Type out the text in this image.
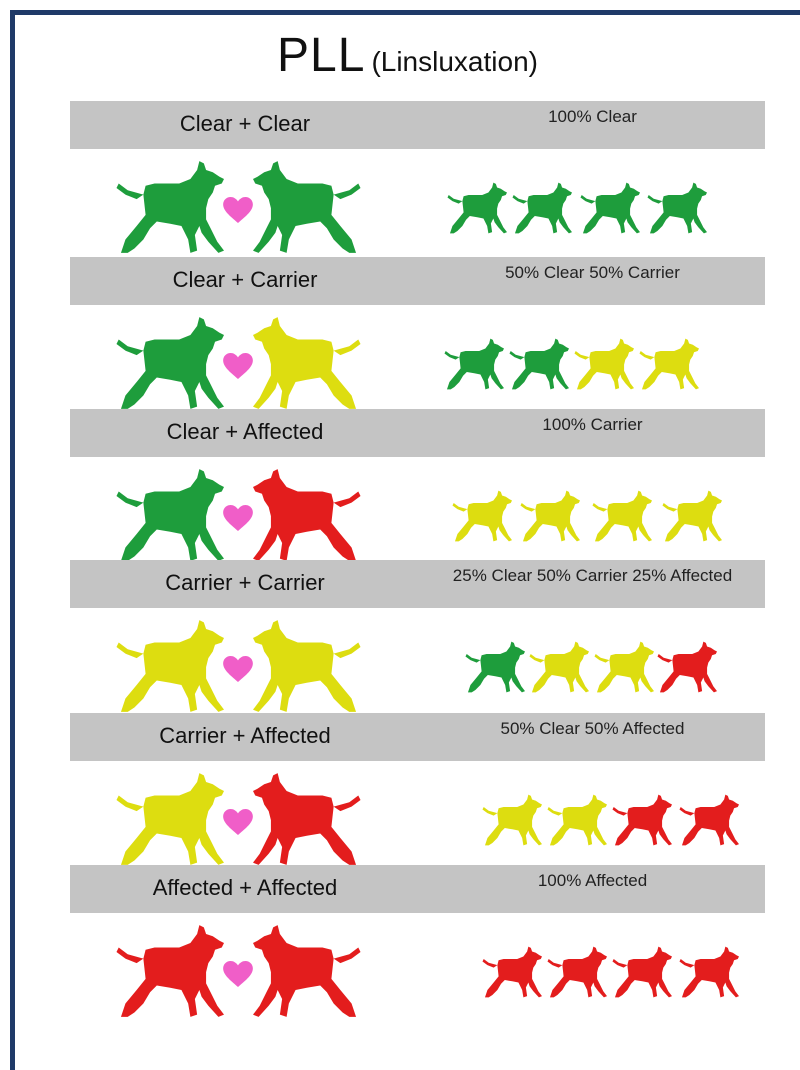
PLL (Linsluxation)
Clear + Clear	100% Clear
Clear + Carrier	50% Clear 50% Carrier
Clear + Affected	100% Carrier
Carrier + Carrier	25% Clear 50% Carrier 25% Affected
Carrier + Affected	50% Clear 50% Affected
Affected + Affected	100% Affected
